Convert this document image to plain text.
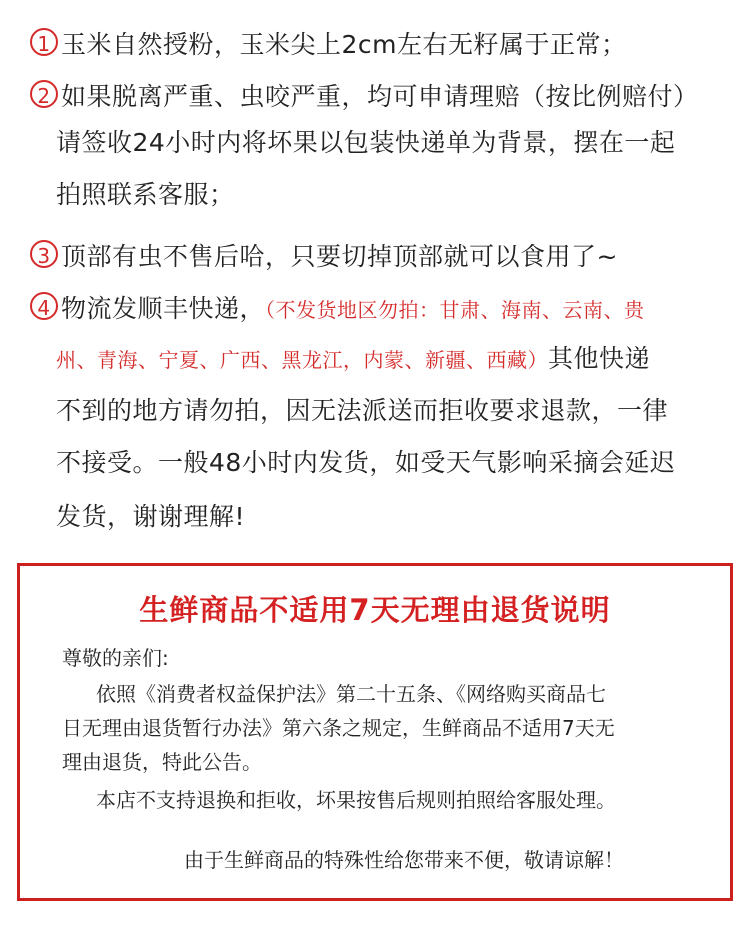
1 玉米自然授粉，玉米尖上2cm左右无籽属于正常；
2 如果脱离严重、虫咬严重，均可申请理赔（按比例赔付）
请签收24小时内将坏果以包装快递单为背景，摆在一起
拍照联系客服；
3 顶部有虫不售后哈，只要切掉顶部就可以食用了~
4 物流发顺丰快递，（不发货地区勿拍：甘肃、海南、云南、贵
州、青海、宁夏、广西、黑龙江，内蒙、新疆、西藏）其他快递
不到的地方请勿拍，因无法派送而拒收要求退款，一律
不接受。一般48小时内发货，如受天气影响采摘会延迟
发货，谢谢理解!
生鲜商品不适用7天无理由退货说明
尊敬的亲们:
依照《消费者权益保护法》第二十五条、《网络购买商品七
日无理由退货暂行办法》第六条之规定，生鲜商品不适用7天无
理由退货，特此公告。
本店不支持退换和拒收，坏果按售后规则拍照给客服处理。
由于生鲜商品的特殊性给您带来不便，敬请谅解！
